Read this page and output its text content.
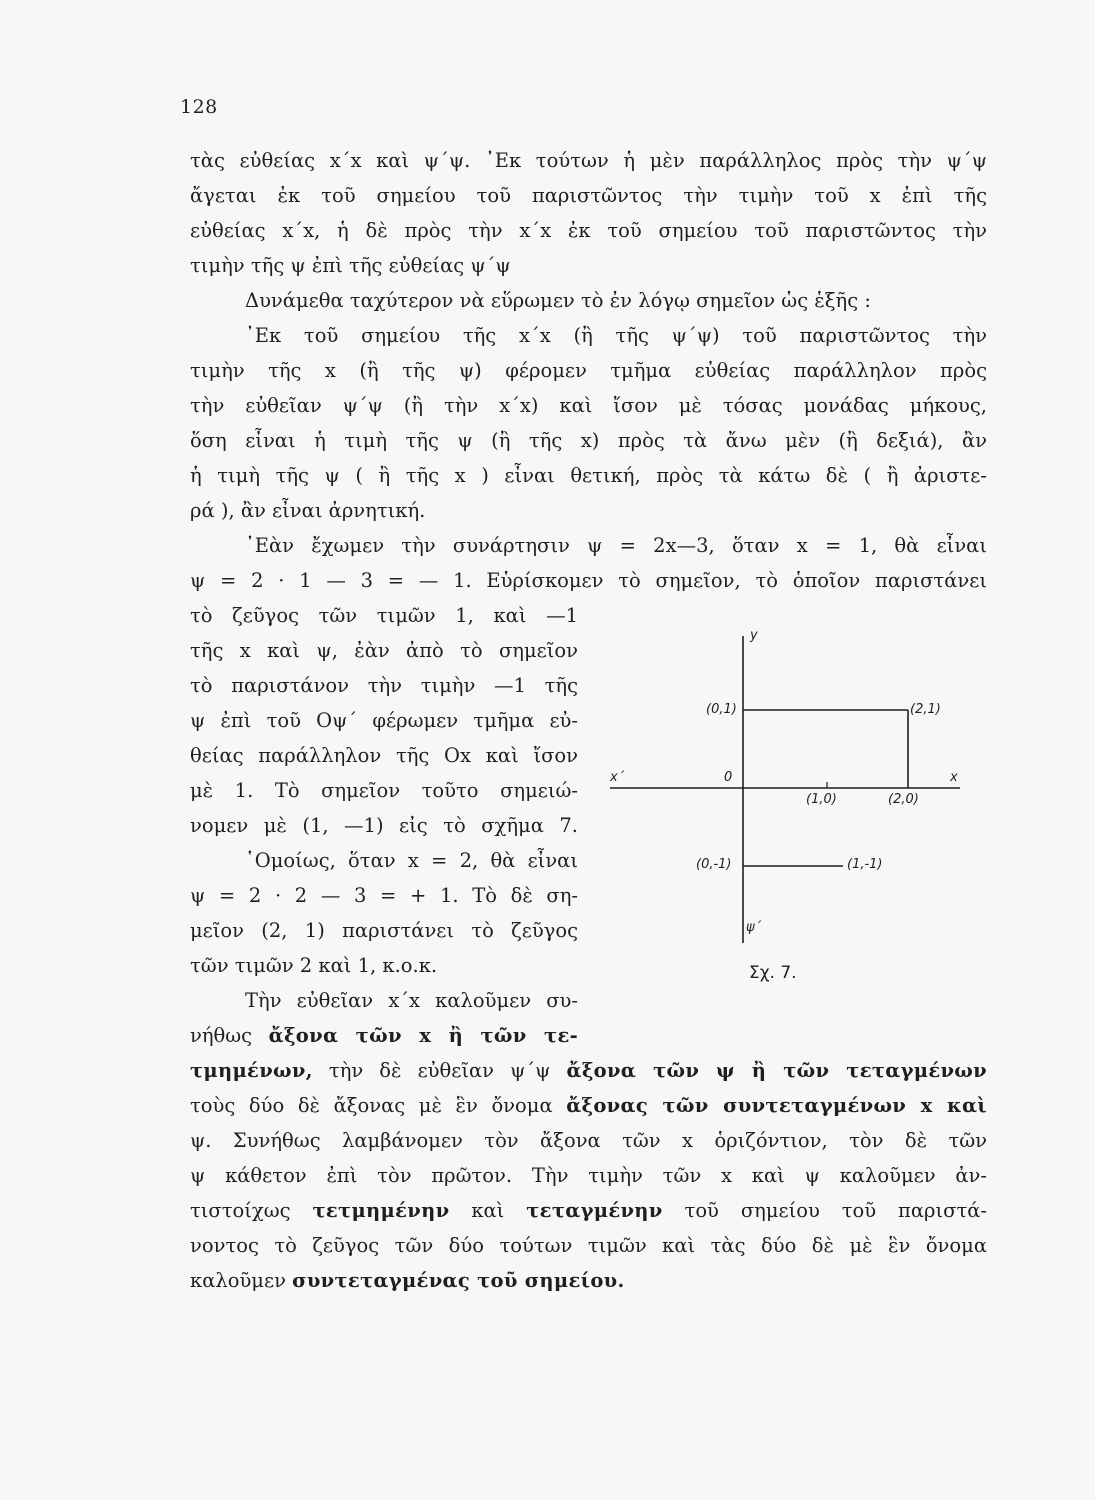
128
τὰς εὐθείας x΄x καὶ ψ΄ψ. ᾿Εκ τούτων ἡ μὲν παράλληλος πρὸς τὴν ψ΄ψ
ἄγεται ἐκ τοῦ σημείου τοῦ παριστῶντος τὴν τιμὴν τοῦ x ἐπὶ τῆς
εὐθείας x΄x, ἡ δὲ πρὸς τὴν x΄x ἐκ τοῦ σημείου τοῦ παριστῶντος τὴν
τιμὴν τῆς ψ ἐπὶ τῆς εὐθείας ψ΄ψ
Δυνάμεθα ταχύτερον νὰ εὕρωμεν τὸ ἐν λόγῳ σημεῖον ὡς ἑξῆς :
᾿Εκ τοῦ σημείου τῆς x΄x (ἢ τῆς ψ΄ψ) τοῦ παριστῶντος τὴν
τιμὴν τῆς x (ἢ τῆς ψ) φέρομεν τμῆμα εὐθείας παράλληλον πρὸς
τὴν εὐθεῖαν ψ΄ψ (ἢ τὴν x΄x) καὶ ἴσον μὲ τόσας μονάδας μήκους,
ὅση εἶναι ἡ τιμὴ τῆς ψ (ἢ τῆς x) πρὸς τὰ ἄνω μὲν (ἢ δεξιά), ἂν
ἡ τιμὴ τῆς ψ ( ἢ τῆς x ) εἶναι θετική, πρὸς τὰ κάτω δὲ ( ἢ ἀριστε-
ρά ), ἂν εἶναι ἀρνητική.
᾿Εὰν ἔχωμεν τὴν συνάρτησιν ψ = 2x—3, ὅταν x = 1, θὰ εἶναι
ψ = 2 · 1 — 3 = — 1. Εὑρίσκομεν τὸ σημεῖον, τὸ ὁποῖον παριστάνει
τὸ ζεῦγος τῶν τιμῶν 1, καὶ —1
τῆς x καὶ ψ, ἐὰν ἀπὸ τὸ σημεῖον
τὸ παριστάνον τὴν τιμὴν —1 τῆς
ψ ἐπὶ τοῦ Οψ΄ φέρωμεν τμῆμα εὐ-
θείας παράλληλον τῆς Οx καὶ ἴσον
μὲ 1. Τὸ σημεῖον τοῦτο σημειώ-
νομεν μὲ (1, —1) εἰς τὸ σχῆμα 7.
῾Ομοίως, ὅταν x = 2, θὰ εἶναι
ψ = 2 · 2 — 3 = + 1. Τὸ δὲ ση-
μεῖον (2, 1) παριστάνει τὸ ζεῦγος
τῶν τιμῶν 2 καὶ 1, κ.ο.κ.
Τὴν εὐθεῖαν x΄x καλοῦμεν συ-
νήθως ἄξονα τῶν x ἢ τῶν τε-
τμημένων, τὴν δὲ εὐθεῖαν ψ΄ψ ἄξονα τῶν ψ ἢ τῶν τεταγμένων
τοὺς δύο δὲ ἄξονας μὲ ἓν ὄνομα ἄξονας τῶν συντεταγμένων x καὶ
ψ. Συνήθως λαμβάνομεν τὸν ἄξονα τῶν x ὁριζόντιον, τὸν δὲ τῶν
ψ κάθετον ἐπὶ τὸν πρῶτον. Τὴν τιμὴν τῶν x καὶ ψ καλοῦμεν ἀν-
τιστοίχως τετμημένην καὶ τεταγμένην τοῦ σημείου τοῦ παριστά-
νοντος τὸ ζεῦγος τῶν δύο τούτων τιμῶν καὶ τὰς δύο δὲ μὲ ἓν ὄνομα
καλοῦμεν συντεταγμένας τοῦ σημείου.
y
ψ΄
x΄	x
0
(0,1)	(2,1)
(1,0)	(2,0)
(0,-1)	(1,-1)
Σχ. 7.
